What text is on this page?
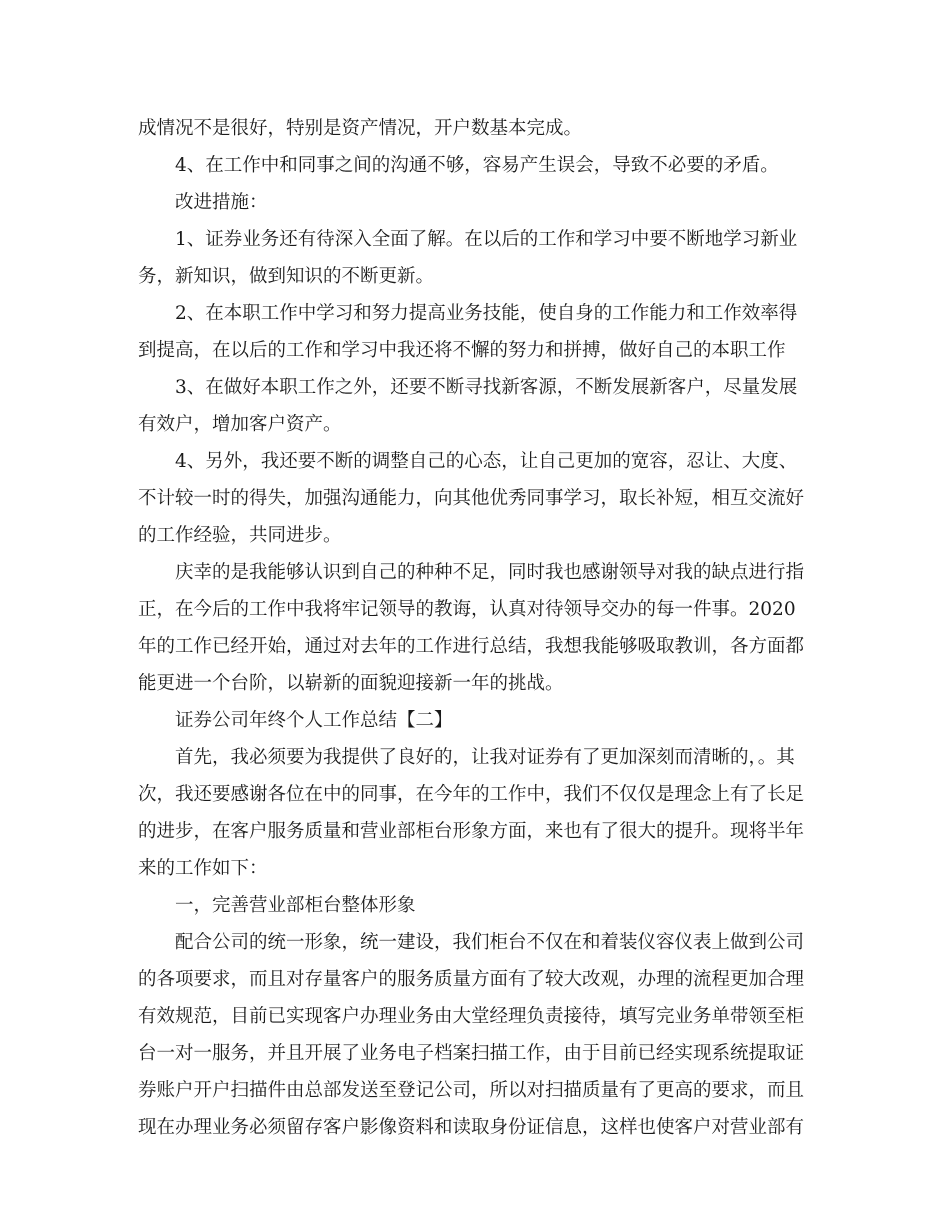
成情况不是很好，特别是资产情况，开户数基本完成。

4、在工作中和同事之间的沟通不够，容易产生误会，导致不必要的矛盾。

改进措施：

1、证券业务还有待深入全面了解。在以后的工作和学习中要不断地学习新业

务，新知识，做到知识的不断更新。

2、在本职工作中学习和努力提高业务技能，使自身的工作能力和工作效率得

到提高，在以后的工作和学习中我还将不懈的努力和拼搏，做好自己的本职工作

3、在做好本职工作之外，还要不断寻找新客源，不断发展新客户，尽量发展

有效户，增加客户资产。

4、另外，我还要不断的调整自己的心态，让自己更加的宽容，忍让、大度、

不计较一时的得失，加强沟通能力，向其他优秀同事学习，取长补短，相互交流好

的工作经验，共同进步。

庆幸的是我能够认识到自己的种种不足，同时我也感谢领导对我的缺点进行指

正，在今后的工作中我将牢记领导的教诲，认真对待领导交办的每一件事。2020

年的工作已经开始，通过对去年的工作进行总结，我想我能够吸取教训，各方面都

能更进一个台阶，以崭新的面貌迎接新一年的挑战。

证券公司年终个人工作总结【二】

首先，我必须要为我提供了良好的，让我对证券有了更加深刻而清晰的，。其

次，我还要感谢各位在中的同事，在今年的工作中，我们不仅仅是理念上有了长足

的进步，在客户服务质量和营业部柜台形象方面，来也有了很大的提升。现将半年

来的工作如下：

一，完善营业部柜台整体形象

配合公司的统一形象，统一建设，我们柜台不仅在和着装仪容仪表上做到公司

的各项要求，而且对存量客户的服务质量方面有了较大改观，办理的流程更加合理

有效规范，目前已实现客户办理业务由大堂经理负责接待，填写完业务单带领至柜

台一对一服务，并且开展了业务电子档案扫描工作，由于目前已经实现系统提取证

券账户开户扫描件由总部发送至登记公司，所以对扫描质量有了更高的要求，而且

现在办理业务必须留存客户影像资料和读取身份证信息，这样也使客户对营业部有
